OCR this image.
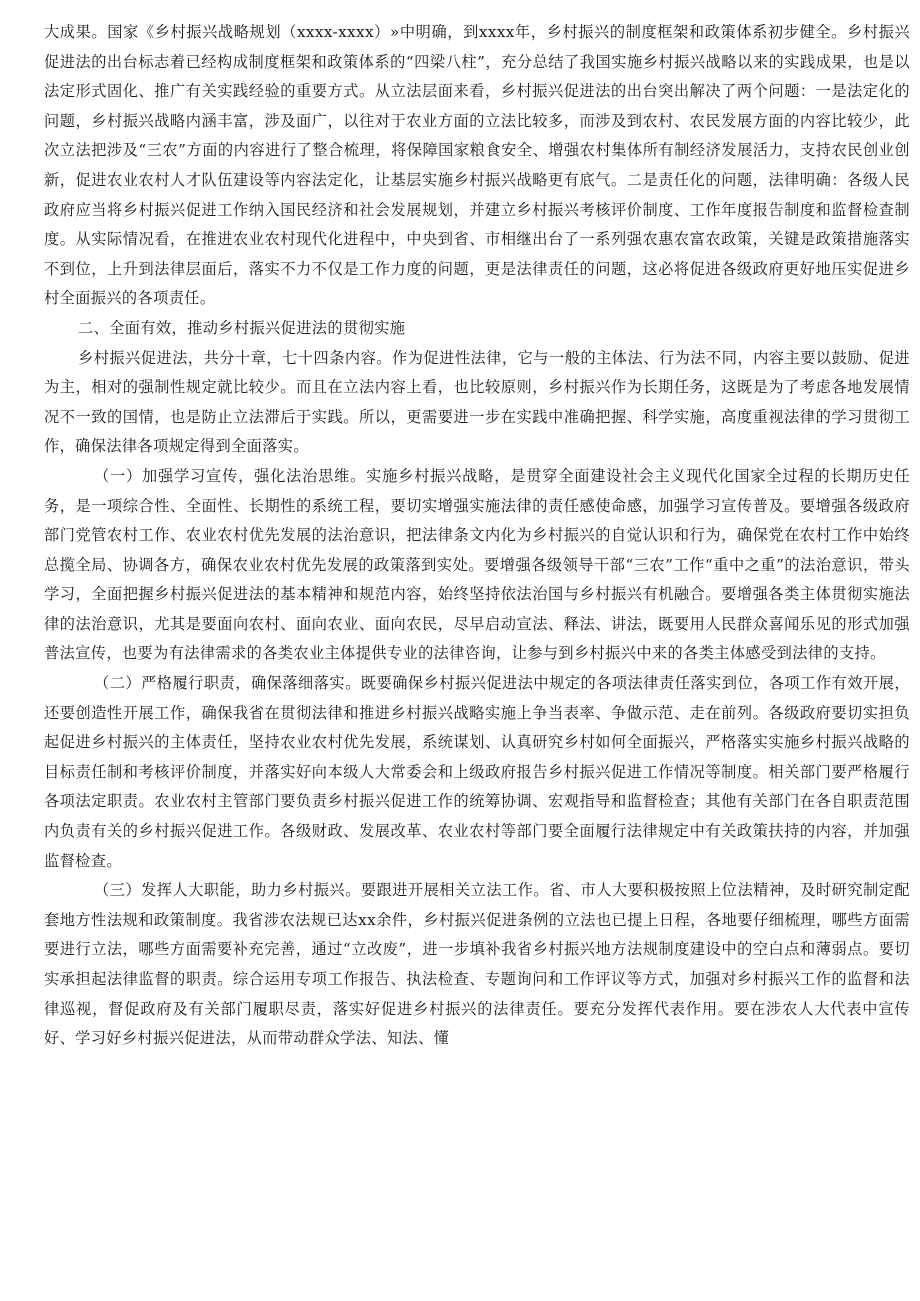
大成果。国家《乡村振兴战略规划（xxxx-xxxx）»中明确，到xxxx年，乡村振兴的制度框架和政策体系初步健全。乡村振兴促进法的出台标志着已经构成制度框架和政策体系的“四梁八柱”，充分总结了我国实施乡村振兴战略以来的实践成果，也是以法定形式固化、推广有关实践经验的重要方式。从立法层面来看，乡村振兴促进法的出台突出解决了两个问题：一是法定化的问题，乡村振兴战略内涵丰富，涉及面广，以往对于农业方面的立法比较多，而涉及到农村、农民发展方面的内容比较少，此次立法把涉及“三农”方面的内容进行了整合梳理，将保障国家粮食安全、增强农村集体所有制经济发展活力，支持农民创业创新，促进农业农村人才队伍建设等内容法定化，让基层实施乡村振兴战略更有底气。二是责任化的问题，法律明确：各级人民政府应当将乡村振兴促进工作纳入国民经济和社会发展规划，并建立乡村振兴考核评价制度、工作年度报告制度和监督检查制度。从实际情况看，在推进农业农村现代化进程中，中央到省、市相继出台了一系列强农惠农富农政策，关键是政策措施落实不到位，上升到法律层面后，落实不力不仅是工作力度的问题，更是法律责任的问题，这必将促进各级政府更好地压实促进乡村全面振兴的各项责任。

二、全面有效，推动乡村振兴促进法的贯彻实施

乡村振兴促进法，共分十章，七十四条内容。作为促进性法律，它与一般的主体法、行为法不同，内容主要以鼓励、促进为主，相对的强制性规定就比较少。而且在立法内容上看，也比较原则，乡村振兴作为长期任务，这既是为了考虑各地发展情况不一致的国情，也是防止立法滞后于实践。所以，更需要进一步在实践中准确把握、科学实施，高度重视法律的学习贯彻工作，确保法律各项规定得到全面落实。

（一）加强学习宣传，强化法治思维。实施乡村振兴战略，是贯穿全面建设社会主义现代化国家全过程的长期历史任务，是一项综合性、全面性、长期性的系统工程，要切实增强实施法律的责任感使命感，加强学习宣传普及。要增强各级政府部门党管农村工作、农业农村优先发展的法治意识，把法律条文内化为乡村振兴的自觉认识和行为，确保党在农村工作中始终总揽全局、协调各方，确保农业农村优先发展的政策落到实处。要增强各级领导干部“三农”工作“重中之重”的法治意识，带头学习，全面把握乡村振兴促进法的基本精神和规范内容，始终坚持依法治国与乡村振兴有机融合。要增强各类主体贯彻实施法律的法治意识，尤其是要面向农村、面向农业、面向农民，尽早启动宣法、释法、讲法，既要用人民群众喜闻乐见的形式加强普法宣传，也要为有法律需求的各类农业主体提供专业的法律咨询，让参与到乡村振兴中来的各类主体感受到法律的支持。

（二）严格履行职责，确保落细落实。既要确保乡村振兴促进法中规定的各项法律责任落实到位，各项工作有效开展，还要创造性开展工作，确保我省在贯彻法律和推进乡村振兴战略实施上争当表率、争做示范、走在前列。各级政府要切实担负起促进乡村振兴的主体责任，坚持农业农村优先发展，系统谋划、认真研究乡村如何全面振兴，严格落实实施乡村振兴战略的目标责任制和考核评价制度，并落实好向本级人大常委会和上级政府报告乡村振兴促进工作情况等制度。相关部门要严格履行各项法定职责。农业农村主管部门要负责乡村振兴促进工作的统筹协调、宏观指导和监督检查；其他有关部门在各自职责范围内负责有关的乡村振兴促进工作。各级财政、发展改革、农业农村等部门要全面履行法律规定中有关政策扶持的内容，并加强监督检查。

（三）发挥人大职能，助力乡村振兴。要跟进开展相关立法工作。省、市人大要积极按照上位法精神，及时研究制定配套地方性法规和政策制度。我省涉农法规已达xx余件，乡村振兴促进条例的立法也已提上日程，各地要仔细梳理，哪些方面需要进行立法，哪些方面需要补充完善，通过“立改废”，进一步填补我省乡村振兴地方法规制度建设中的空白点和薄弱点。要切实承担起法律监督的职责。综合运用专项工作报告、执法检查、专题询问和工作评议等方式，加强对乡村振兴工作的监督和法律巡视，督促政府及有关部门履职尽责，落实好促进乡村振兴的法律责任。要充分发挥代表作用。要在涉农人大代表中宣传好、学习好乡村振兴促进法，从而带动群众学法、知法、懂
